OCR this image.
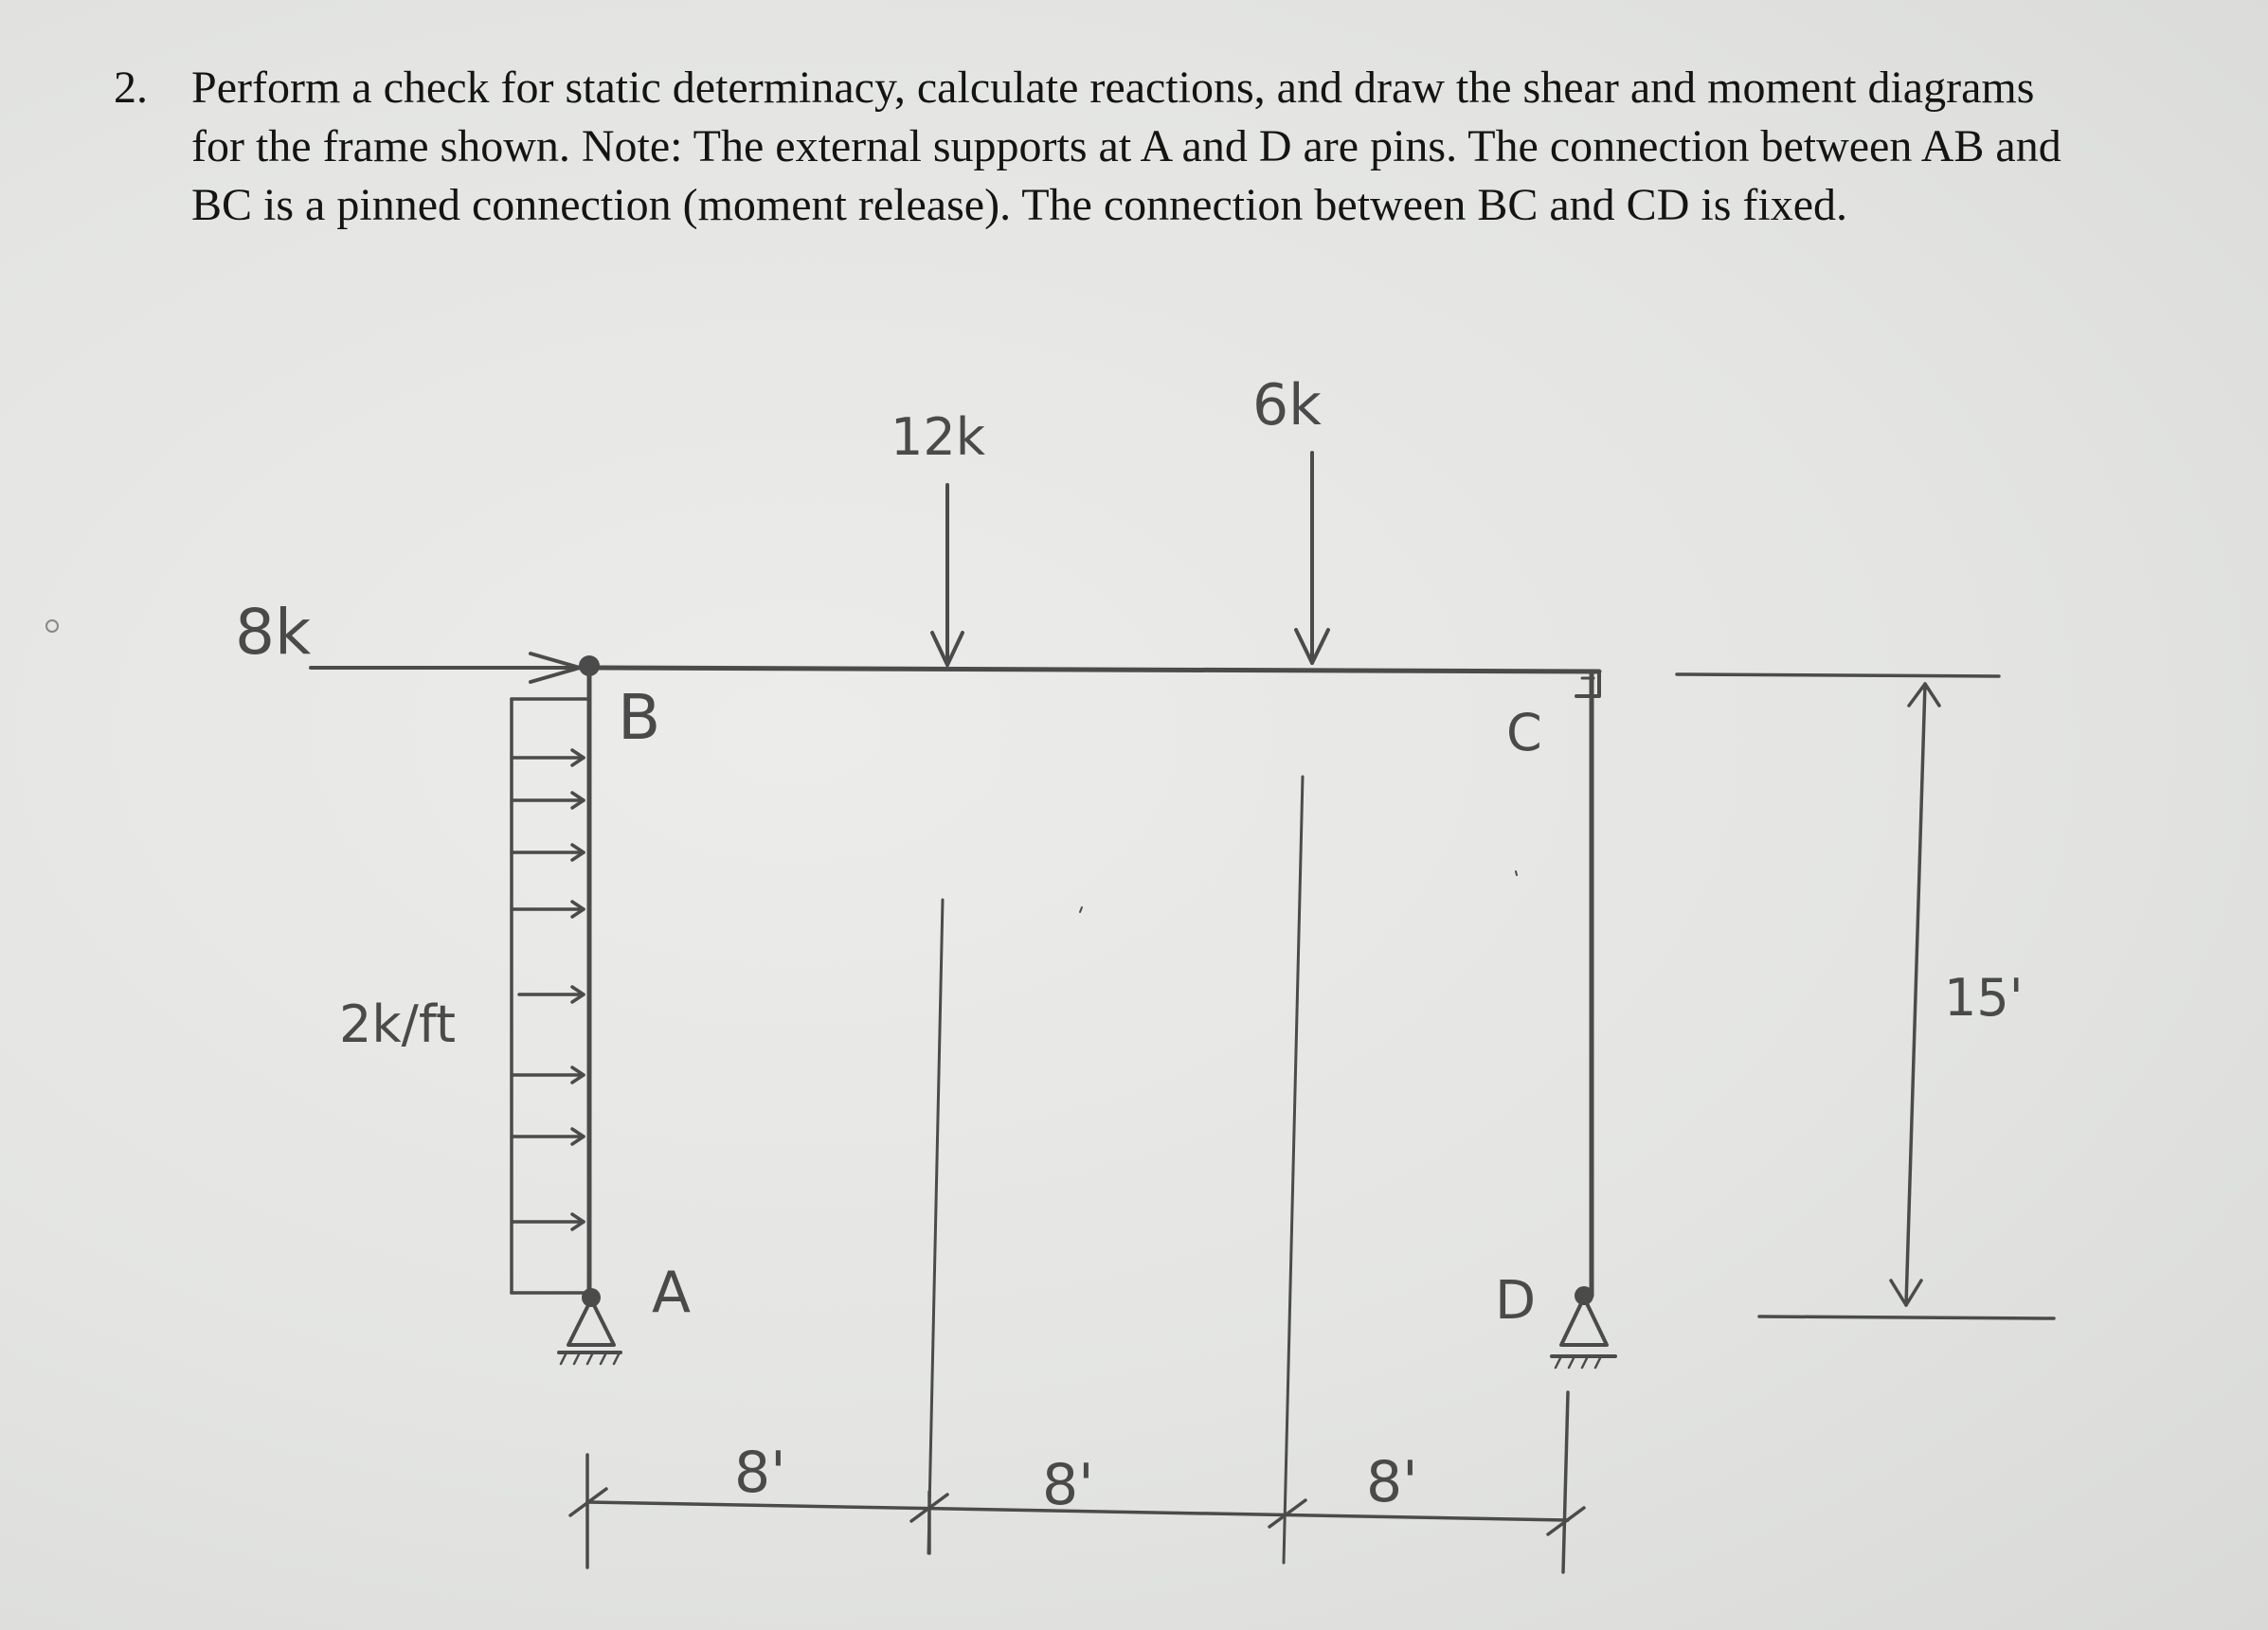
2. Perform a check for static determinacy, calculate reactions, and draw the shear and moment diagrams
for the frame shown. Note: The external supports at A and D are pins. The connection between AB and
BC is a pinned connection (moment release). The connection between BC and CD is fixed.
8k
2k/ft
12k	6k
B	C
A	D
8'	8'	8'
15'
